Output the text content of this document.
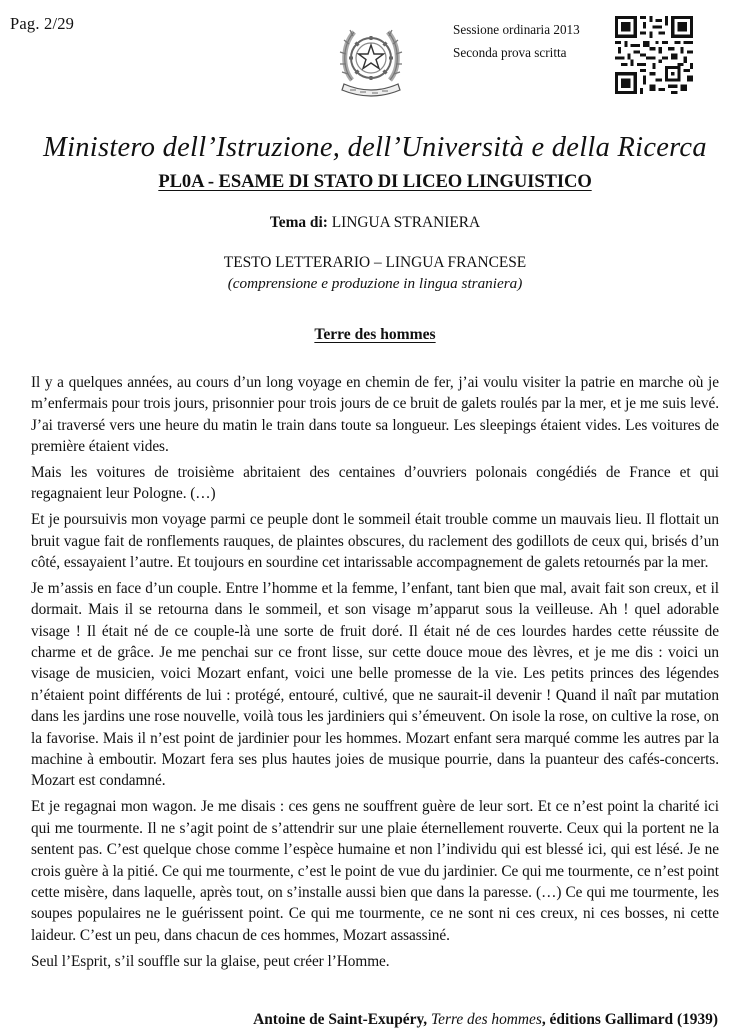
Pag. 2/29	Sessione ordinaria 2013
Seconda prova scritta
Ministero dell’Istruzione, dell’Università e della Ricerca
PL0A - ESAME DI STATO DI LICEO LINGUISTICO
Tema di: LINGUA STRANIERA
TESTO LETTERARIO – LINGUA FRANCESE
(comprensione e produzione in lingua straniera)
Terre des hommes

Il y a quelques années, au cours d’un long voyage en chemin de fer, j’ai voulu visiter la patrie en marche où je m’enfermais pour trois jours, prisonnier pour trois jours de ce bruit de galets roulés par la mer, et je me suis levé. J’ai traversé vers une heure du matin le train dans toute sa longueur. Les sleepings étaient vides. Les voitures de première étaient vides.

Mais les voitures de troisième abritaient des centaines d’ouvriers polonais congédiés de France et qui regagnaient leur Pologne. (…)

Et je poursuivis mon voyage parmi ce peuple dont le sommeil était trouble comme un mauvais lieu. Il flottait un bruit vague fait de ronflements rauques, de plaintes obscures, du raclement des godillots de ceux qui, brisés d’un côté, essayaient l’autre. Et toujours en sourdine cet intarissable accompagnement de galets retournés par la mer.

Je m’assis en face d’un couple. Entre l’homme et la femme, l’enfant, tant bien que mal, avait fait son creux, et il dormait. Mais il se retourna dans le sommeil, et son visage m’apparut sous la veilleuse. Ah ! quel adorable visage ! Il était né de ce couple-là une sorte de fruit doré. Il était né de ces lourdes hardes cette réussite de charme et de grâce. Je me penchai sur ce front lisse, sur cette douce moue des lèvres, et je me dis : voici un visage de musicien, voici Mozart enfant, voici une belle promesse de la vie. Les petits princes des légendes n’étaient point différents de lui : protégé, entouré, cultivé, que ne saurait-il devenir ! Quand il naît par mutation dans les jardins une rose nouvelle, voilà tous les jardiniers qui s’émeuvent. On isole la rose, on cultive la rose, on la favorise. Mais il n’est point de jardinier pour les hommes. Mozart enfant sera marqué comme les autres par la machine à emboutir. Mozart fera ses plus hautes joies de musique pourrie, dans la puanteur des cafés-concerts. Mozart est condamné.

Et je regagnai mon wagon. Je me disais : ces gens ne souffrent guère de leur sort. Et ce n’est point la charité ici qui me tourmente. Il ne s’agit point de s’attendrir sur une plaie éternellement rouverte. Ceux qui la portent ne la sentent pas. C’est quelque chose comme l’espèce humaine et non l’individu qui est blessé ici, qui est lésé. Je ne crois guère à la pitié. Ce qui me tourmente, c’est le point de vue du jardinier. Ce qui me tourmente, ce n’est point cette misère, dans laquelle, après tout, on s’installe aussi bien que dans la paresse. (…) Ce qui me tourmente, les soupes populaires ne le guérissent point. Ce qui me tourmente, ce ne sont ni ces creux, ni ces bosses, ni cette laideur. C’est un peu, dans chacun de ces hommes, Mozart assassiné.

Seul l’Esprit, s’il souffle sur la glaise, peut créer l’Homme.

Antoine de Saint-Exupéry, Terre des hommes, éditions Gallimard (1939)
